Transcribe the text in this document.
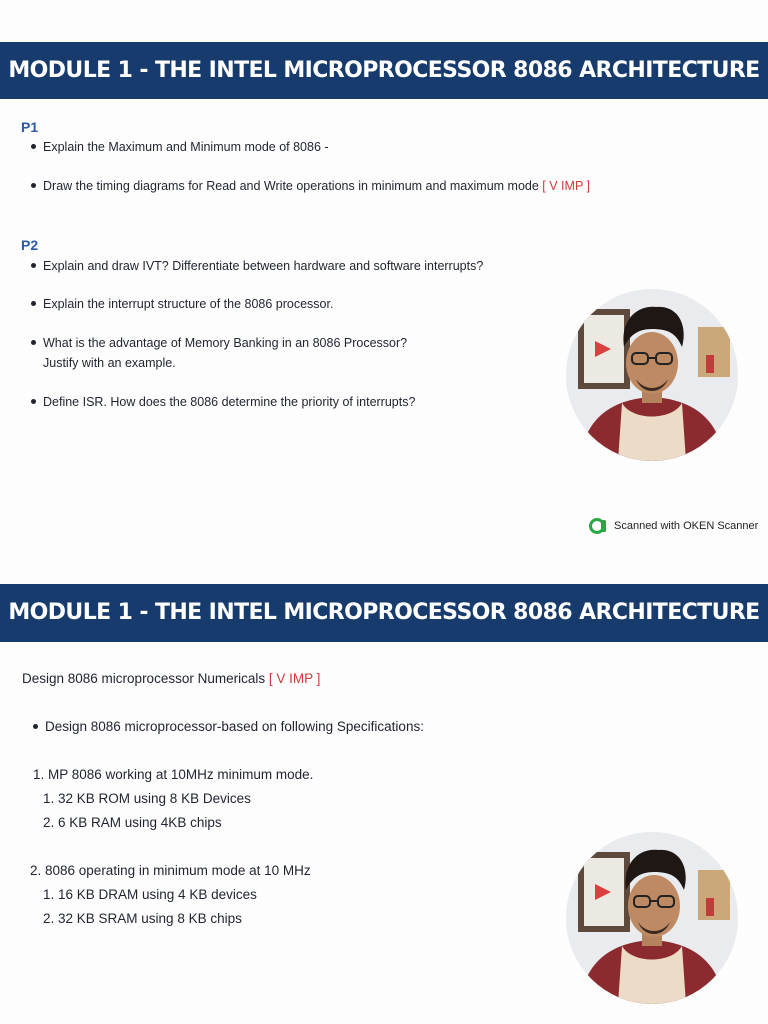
MODULE 1 - THE INTEL MICROPROCESSOR 8086 ARCHITECTURE
P1
Explain the Maximum and Minimum mode of 8086 -
Draw the timing diagrams for Read and Write operations in minimum and maximum mode [ V IMP ]
P2
Explain and draw IVT? Differentiate between hardware and software interrupts?
Explain the interrupt structure of the 8086 processor.
What is the advantage of Memory Banking in an 8086 Processor?
Justify with an example.
Define ISR. How does the 8086 determine the priority of interrupts?
Scanned with OKEN Scanner
MODULE 1 - THE INTEL MICROPROCESSOR 8086 ARCHITECTURE
Design 8086 microprocessor Numericals [ V IMP ]
Design 8086 microprocessor-based on following Specifications:
1. MP 8086 working at 10MHz minimum mode.
1. 32 KB ROM using 8 KB Devices
2. 6 KB RAM using 4KB chips
2. 8086 operating in minimum mode at 10 MHz
1. 16 KB DRAM using 4 KB devices
2. 32 KB SRAM using 8 KB chips
